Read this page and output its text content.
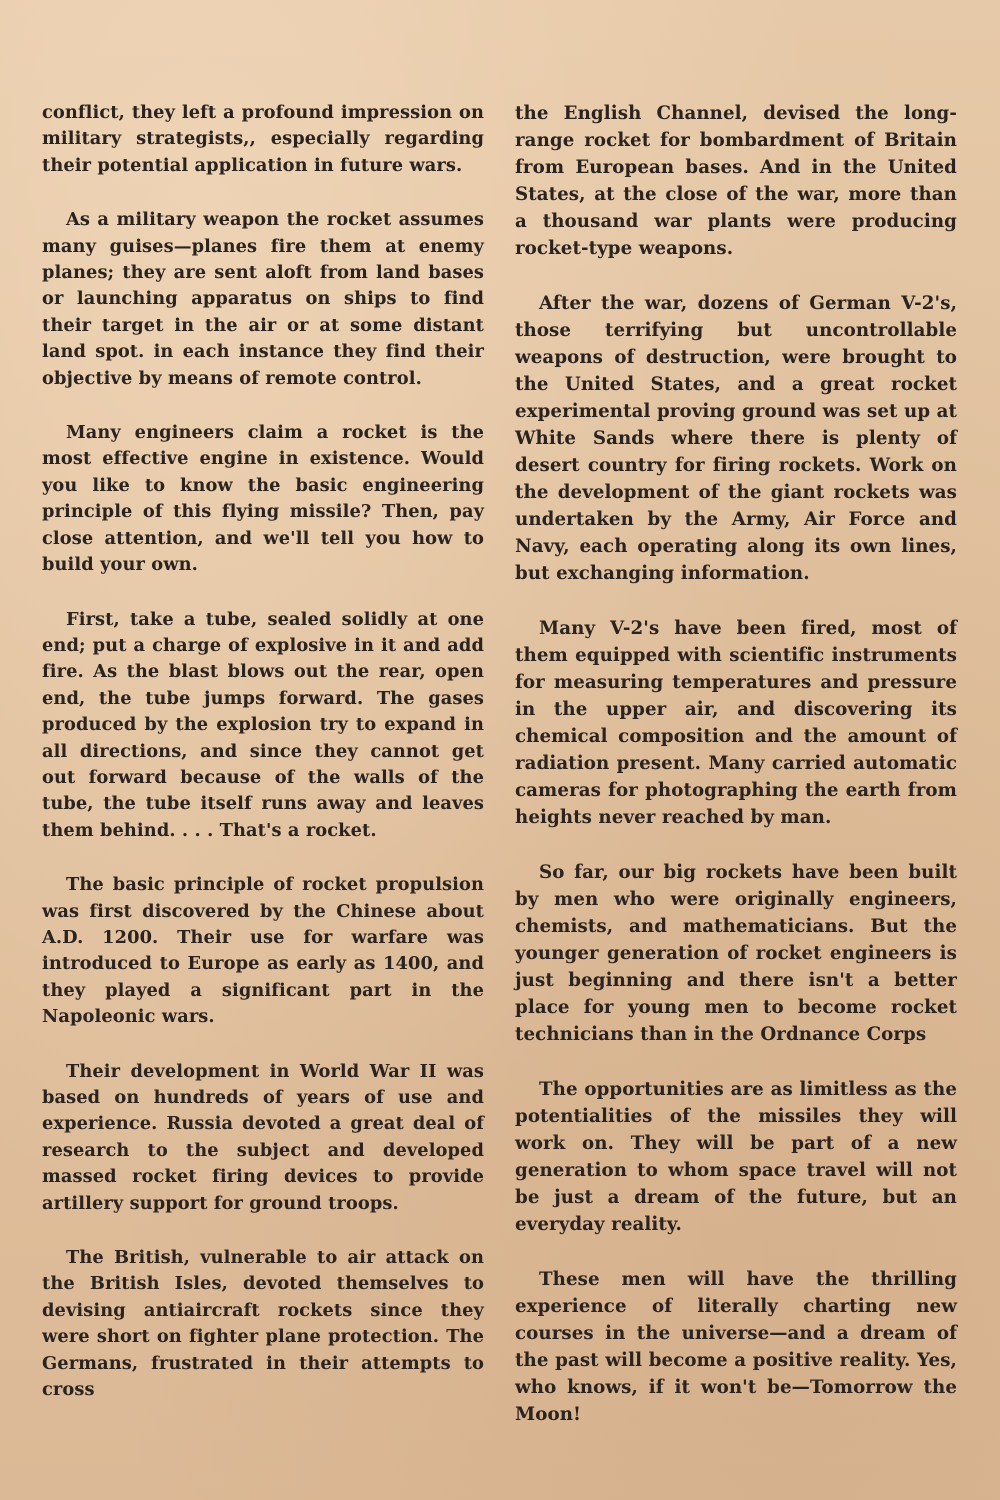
conflict, they left a profound impression on military strategists,, especially regarding their potential application in future wars.

As a military weapon the rocket assumes many guises—planes fire them at enemy planes; they are sent aloft from land bases or launching apparatus on ships to find their target in the air or at some distant land spot. in each instance they find their objective by means of remote control.

Many engineers claim a rocket is the most effective engine in existence. Would you like to know the basic engineering principle of this flying missile? Then, pay close attention, and we'll tell you how to build your own.

First, take a tube, sealed solidly at one end; put a charge of explosive in it and add fire. As the blast blows out the rear, open end, the tube jumps forward. The gases produced by the explosion try to expand in all directions, and since they cannot get out forward because of the walls of the tube, the tube itself runs away and leaves them behind. . . . That's a rocket.

The basic principle of rocket propulsion was first discovered by the Chinese about A.D. 1200. Their use for warfare was introduced to Europe as early as 1400, and they played a significant part in the Napoleonic wars.

Their development in World War II was based on hundreds of years of use and experience. Russia devoted a great deal of research to the subject and developed massed rocket firing devices to provide artillery support for ground troops.

The British, vulnerable to air attack on the British Isles, devoted themselves to devising antiaircraft rockets since they were short on fighter plane protection. The Germans, frustrated in their attempts to cross

the English Channel, devised the long-range rocket for bombardment of Britain from European bases. And in the United States, at the close of the war, more than a thousand war plants were producing rocket-type weapons.

After the war, dozens of German V-2's, those terrifying but uncontrollable weapons of destruction, were brought to the United States, and a great rocket experimental proving ground was set up at White Sands where there is plenty of desert country for firing rockets. Work on the development of the giant rockets was undertaken by the Army, Air Force and Navy, each operating along its own lines, but exchanging information.

Many V-2's have been fired, most of them equipped with scientific instruments for measuring temperatures and pressure in the upper air, and discovering its chemical composition and the amount of radiation present. Many carried automatic cameras for photographing the earth from heights never reached by man.

So far, our big rockets have been built by men who were originally engineers, chemists, and mathematicians. But the younger generation of rocket engineers is just beginning and there isn't a better place for young men to become rocket technicians than in the Ordnance Corps

The opportunities are as limitless as the potentialities of the missiles they will work on. They will be part of a new generation to whom space travel will not be just a dream of the future, but an everyday reality.

These men will have the thrilling experience of literally charting new courses in the universe—and a dream of the past will become a positive reality. Yes, who knows, if it won't be—Tomorrow the Moon!
